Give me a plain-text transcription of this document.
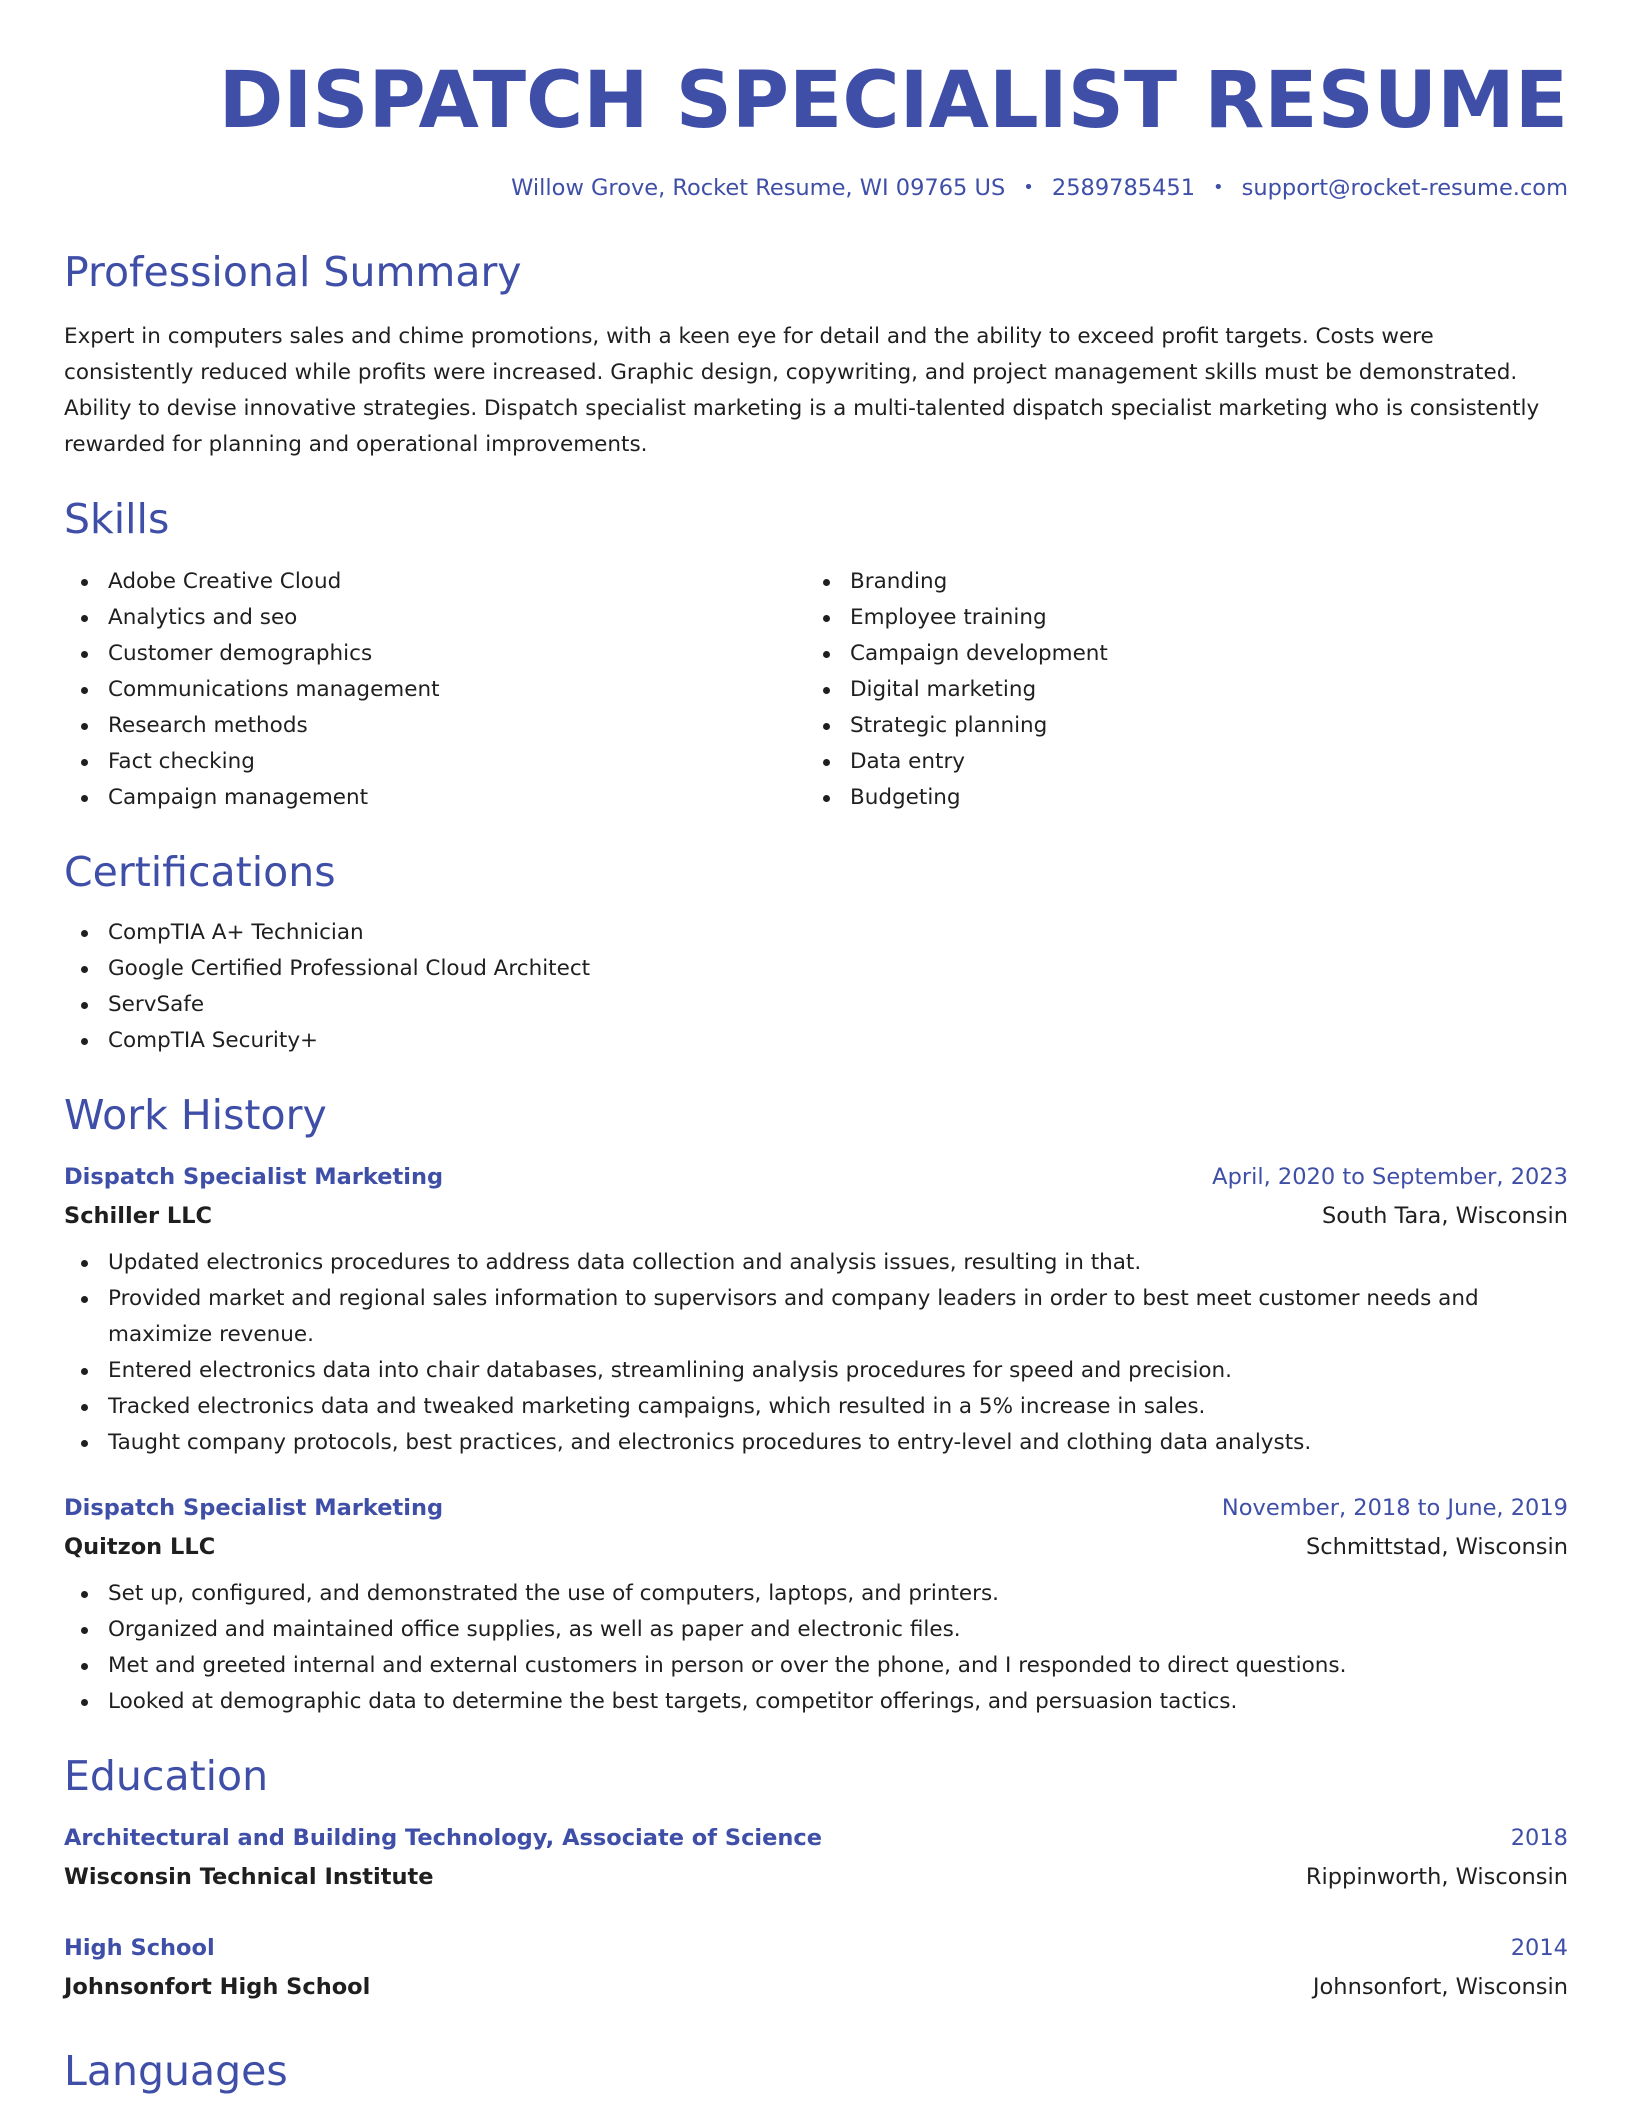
DISPATCH SPECIALIST RESUME
Willow Grove, Rocket Resume, WI 09765 US • 2589785451 • support@rocket-resume.com
Professional Summary

Expert in computers sales and chime promotions, with a keen eye for detail and the ability to exceed profit targets. Costs were consistently reduced while profits were increased. Graphic design, copywriting, and project management skills must be demonstrated. Ability to devise innovative strategies. Dispatch specialist marketing is a multi-talented dispatch specialist marketing who is consistently rewarded for planning and operational improvements.

Skills
Adobe Creative Cloud
Analytics and seo
Customer demographics
Communications management
Research methods
Fact checking
Campaign management
Branding
Employee training
Campaign development
Digital marketing
Strategic planning
Data entry
Budgeting
Certifications
CompTIA A+ Technician
Google Certified Professional Cloud Architect
ServSafe
CompTIA Security+
Work History
Dispatch Specialist Marketing	April, 2020 to September, 2023
Schiller LLC	South Tara, Wisconsin
Updated electronics procedures to address data collection and analysis issues, resulting in that.
Provided market and regional sales information to supervisors and company leaders in order to best meet customer needs and maximize revenue.
Entered electronics data into chair databases, streamlining analysis procedures for speed and precision.
Tracked electronics data and tweaked marketing campaigns, which resulted in a 5% increase in sales.
Taught company protocols, best practices, and electronics procedures to entry-level and clothing data analysts.
Dispatch Specialist Marketing	November, 2018 to June, 2019
Quitzon LLC	Schmittstad, Wisconsin
Set up, configured, and demonstrated the use of computers, laptops, and printers.
Organized and maintained office supplies, as well as paper and electronic files.
Met and greeted internal and external customers in person or over the phone, and I responded to direct questions.
Looked at demographic data to determine the best targets, competitor offerings, and persuasion tactics.
Education
Architectural and Building Technology, Associate of Science	2018
Wisconsin Technical Institute	Rippinworth, Wisconsin
High School	2014
Johnsonfort High School	Johnsonfort, Wisconsin
Languages
